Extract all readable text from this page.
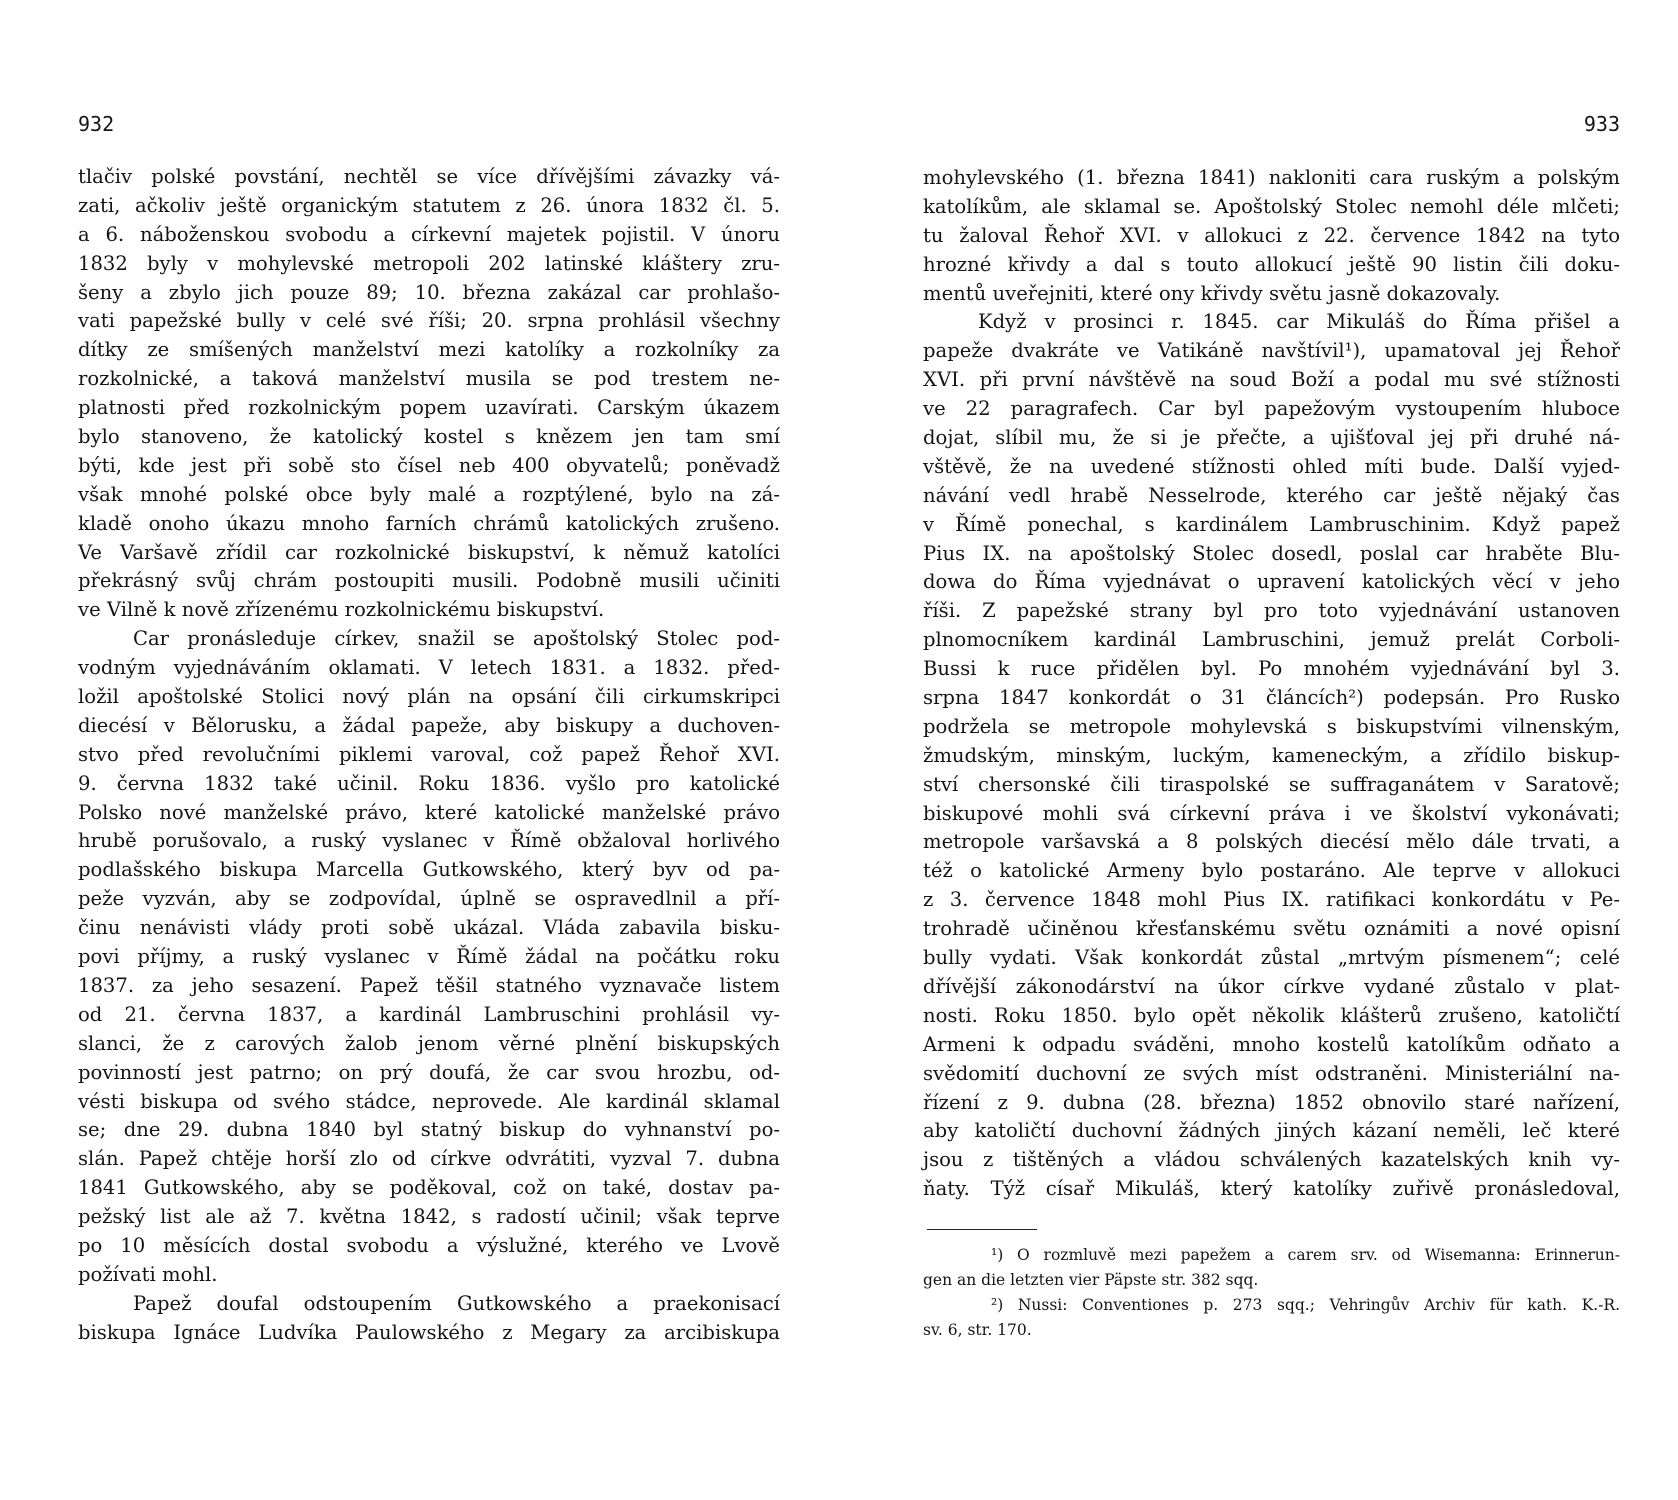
932
tlačiv polské povstání, nechtěl se více dřívějšími závazky vá-
zati, ačkoliv ještě organickým statutem z 26. února 1832 čl. 5.
a 6. náboženskou svobodu a církevní majetek pojistil. V únoru
1832 byly v mohylevské metropoli 202 latinské kláštery zru-
šeny a zbylo jich pouze 89; 10. března zakázal car prohlašo-
vati papežské bully v celé své říši; 20. srpna prohlásil všechny
dítky ze smíšených manželství mezi katolíky a rozkolníky za
rozkolnické, a taková manželství musila se pod trestem ne-
platnosti před rozkolnickým popem uzavírati. Carským úkazem
bylo stanoveno, že katolický kostel s knězem jen tam smí
býti, kde jest při sobě sto čísel neb 400 obyvatelů; poněvadž
však mnohé polské obce byly malé a rozptýlené, bylo na zá-
kladě onoho úkazu mnoho farních chrámů katolických zrušeno.
Ve Varšavě zřídil car rozkolnické biskupství, k němuž katolíci
překrásný svůj chrám postoupiti musili. Podobně musili učiniti
ve Vilně k nově zřízenému rozkolnickému biskupství.
Car pronásleduje církev, snažil se apoštolský Stolec pod-
vodným vyjednáváním oklamati. V letech 1831. a 1832. před-
ložil apoštolské Stolici nový plán na opsání čili cirkumskripci
diecésí v Bělorusku, a žádal papeže, aby biskupy a duchoven-
stvo před revolučními piklemi varoval, což papež Řehoř XVI.
9. června 1832 také učinil. Roku 1836. vyšlo pro katolické
Polsko nové manželské právo, které katolické manželské právo
hrubě porušovalo, a ruský vyslanec v Římě obžaloval horlivého
podlašského biskupa Marcella Gutkowského, který byv od pa-
peže vyzván, aby se zodpovídal, úplně se ospravedlnil a pří-
činu nenávisti vlády proti sobě ukázal. Vláda zabavila bisku-
povi příjmy, a ruský vyslanec v Římě žádal na počátku roku
1837. za jeho sesazení. Papež těšil statného vyznavače listem
od 21. června 1837, a kardinál Lambruschini prohlásil vy-
slanci, že z carových žalob jenom věrné plnění biskupských
povinností jest patrno; on prý doufá, že car svou hrozbu, od-
vésti biskupa od svého stádce, neprovede. Ale kardinál sklamal
se; dne 29. dubna 1840 byl statný biskup do vyhnanství po-
slán. Papež chtěje horší zlo od církve odvrátiti, vyzval 7. dubna
1841 Gutkowského, aby se poděkoval, což on také, dostav pa-
pežský list ale až 7. května 1842, s radostí učinil; však teprve
po 10 měsících dostal svobodu a výslužné, kterého ve Lvově
požívati mohl.
Papež doufal odstoupením Gutkowského a praekonisací
biskupa Ignáce Ludvíka Paulowského z Megary za arcibiskupa
933
mohylevského (1. března 1841) nakloniti cara ruským a polským
katolíkům, ale sklamal se. Apoštolský Stolec nemohl déle mlčeti;
tu žaloval Řehoř XVI. v allokuci z 22. července 1842 na tyto
hrozné křivdy a dal s touto allokucí ještě 90 listin čili doku-
mentů uveřejniti, které ony křivdy světu jasně dokazovaly.
Když v prosinci r. 1845. car Mikuláš do Říma přišel a
papeže dvakráte ve Vatikáně navštívil¹), upamatoval jej Řehoř
XVI. při první návštěvě na soud Boží a podal mu své stížnosti
ve 22 paragrafech. Car byl papežovým vystoupením hluboce
dojat, slíbil mu, že si je přečte, a ujišťoval jej při druhé ná-
vštěvě, že na uvedené stížnosti ohled míti bude. Další vyjed-
návání vedl hrabě Nesselrode, kterého car ještě nějaký čas
v Římě ponechal, s kardinálem Lambruschinim. Když papež
Pius IX. na apoštolský Stolec dosedl, poslal car hraběte Blu-
dowa do Říma vyjednávat o upravení katolických věcí v jeho
říši. Z papežské strany byl pro toto vyjednávání ustanoven
plnomocníkem kardinál Lambruschini, jemuž prelát Corboli-
Bussi k ruce přidělen byl. Po mnohém vyjednávání byl 3.
srpna 1847 konkordát o 31 článcích²) podepsán. Pro Rusko
podržela se metropole mohylevská s biskupstvími vilnenským,
žmudským, minským, luckým, kameneckým, a zřídilo biskup-
ství chersonské čili tiraspolské se suffraganátem v Saratově;
biskupové mohli svá církevní práva i ve školství vykonávati;
metropole varšavská a 8 polských diecésí mělo dále trvati, a
též o katolické Armeny bylo postaráno. Ale teprve v allokuci
z 3. července 1848 mohl Pius IX. ratifikaci konkordátu v Pe-
trohradě učiněnou křesťanskému světu oznámiti a nové opisní
bully vydati. Však konkordát zůstal „mrtvým písmenem“; celé
dřívější zákonodárství na úkor církve vydané zůstalo v plat-
nosti. Roku 1850. bylo opět několik klášterů zrušeno, katoličtí
Armeni k odpadu sváděni, mnoho kostelů katolíkům odňato a
svědomití duchovní ze svých míst odstraněni. Ministeriální na-
řízení z 9. dubna (28. března) 1852 obnovilo staré nařízení,
aby katoličtí duchovní žádných jiných kázaní neměli, leč které
jsou z tištěných a vládou schválených kazatelských knih vy-
ňaty. Týž císař Mikuláš, který katolíky zuřivě pronásledoval,
¹) O rozmluvě mezi papežem a carem srv. od Wisemanna: Erinnerun-
gen an die letzten vier Päpste str. 382 sqq.
²) Nussi: Conventiones p. 273 sqq.; Vehringův Archiv für kath. K.-R.
sv. 6, str. 170.
